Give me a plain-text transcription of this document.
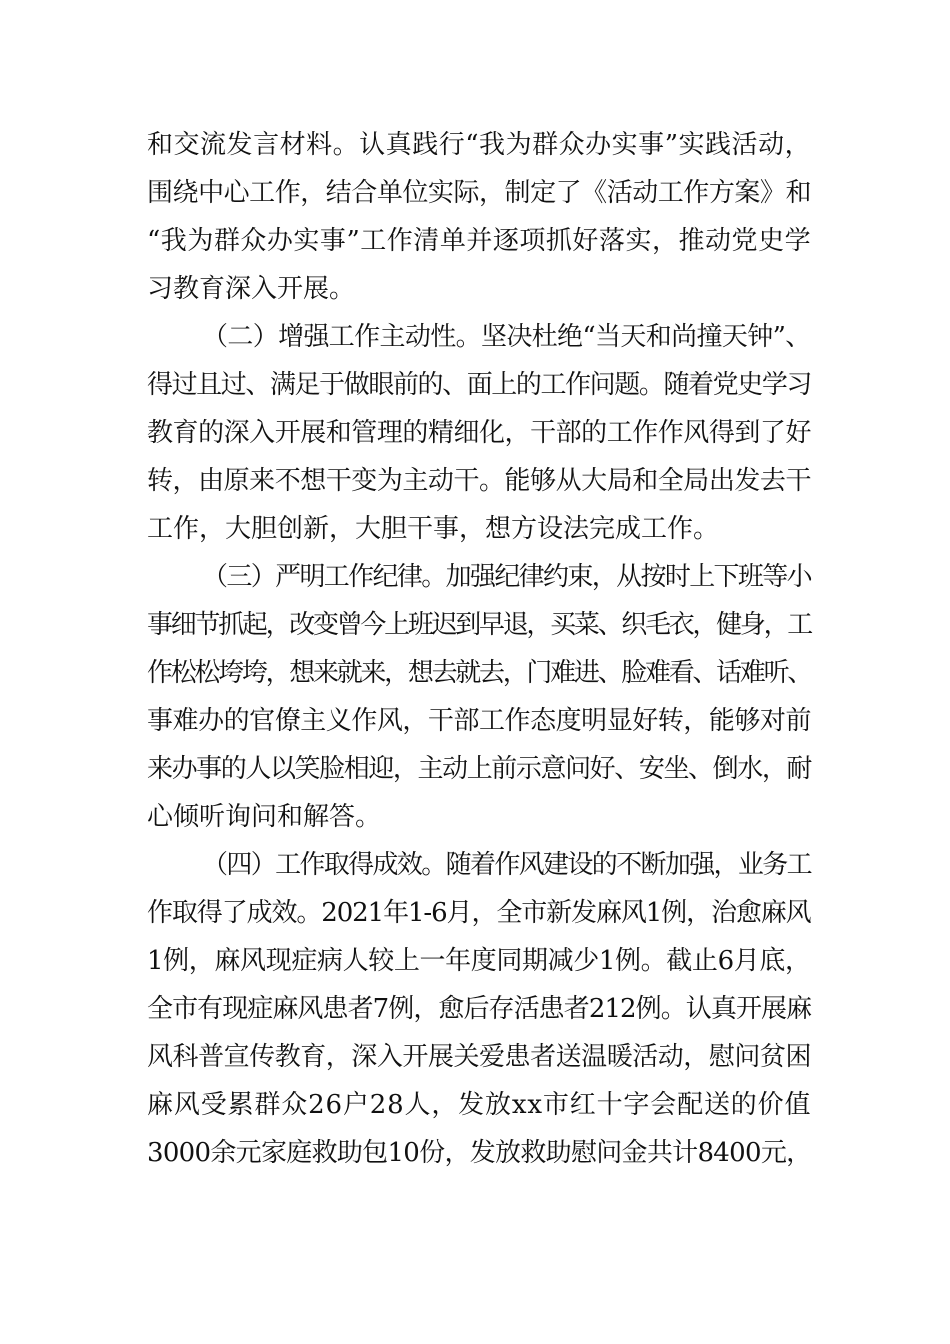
和交流发言材料。认真践行“我为群众办实事”实践活动，
围绕中心工作，结合单位实际，制定了《活动工作方案》和
“我为群众办实事”工作清单并逐项抓好落实，推动党史学
习教育深入开展。
（二）增强工作主动性。坚决杜绝“当天和尚撞天钟”、
得过且过、满足于做眼前的、面上的工作问题。随着党史学习
教育的深入开展和管理的精细化，干部的工作作风得到了好
转，由原来不想干变为主动干。能够从大局和全局出发去干
工作，大胆创新，大胆干事，想方设法完成工作。
（三）严明工作纪律。加强纪律约束，从按时上下班等小
事细节抓起，改变曾今上班迟到早退，买菜、织毛衣，健身，工
作松松垮垮，想来就来，想去就去，门难进、脸难看、话难听、
事难办的官僚主义作风，干部工作态度明显好转，能够对前
来办事的人以笑脸相迎，主动上前示意问好、安坐、倒水，耐
心倾听询问和解答。
（四）工作取得成效。随着作风建设的不断加强，业务工
作取得了成效。2021年1-6月，全市新发麻风1例，治愈麻风
1例，麻风现症病人较上一年度同期减少1例。截止6月底，
全市有现症麻风患者7例，愈后存活患者212例。认真开展麻
风科普宣传教育，深入开展关爱患者送温暖活动，慰问贫困
麻风受累群众26户28人，发放xx市红十字会配送的价值
3000余元家庭救助包10份，发放救助慰问金共计8400元，
